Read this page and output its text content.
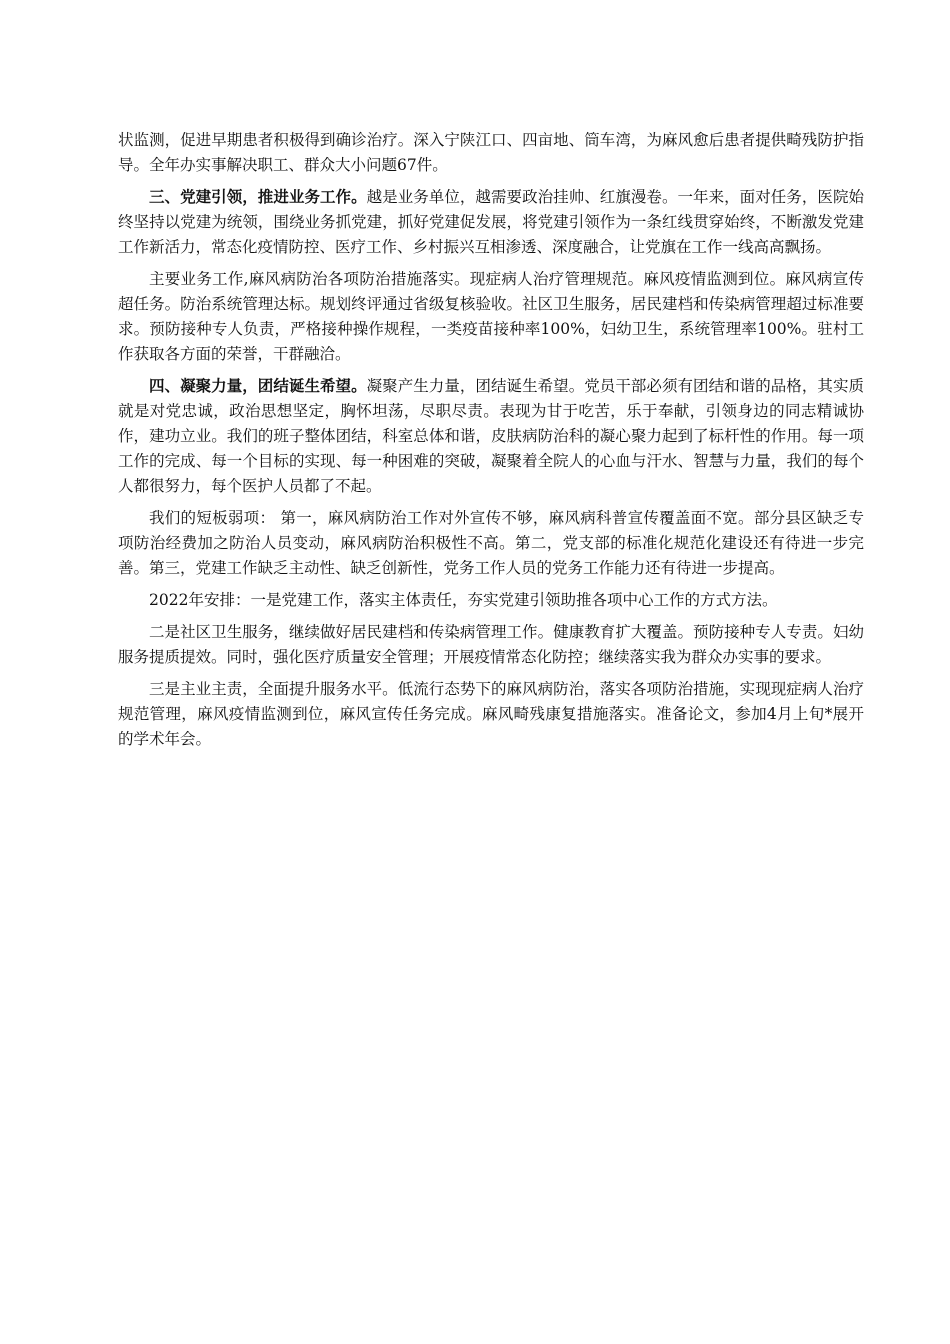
状监测，促进早期患者积极得到确诊治疗。深入宁陕江口、四亩地、筒车湾，为麻风愈后患者提供畸残防护指导。全年办实事解决职工、群众大小问题67件。

三、党建引领，推进业务工作。越是业务单位，越需要政治挂帅、红旗漫卷。一年来，面对任务，医院始终坚持以党建为统领，围绕业务抓党建，抓好党建促发展，将党建引领作为一条红线贯穿始终，不断激发党建工作新活力，常态化疫情防控、医疗工作、乡村振兴互相渗透、深度融合，让党旗在工作一线高高飘扬。

主要业务工作,麻风病防治各项防治措施落实。现症病人治疗管理规范。麻风疫情监测到位。麻风病宣传超任务。防治系统管理达标。规划终评通过省级复核验收。社区卫生服务，居民建档和传染病管理超过标准要求。预防接种专人负责，严格接种操作规程，一类疫苗接种率100%，妇幼卫生，系统管理率100%。驻村工作获取各方面的荣誉，干群融洽。

四、凝聚力量，团结诞生希望。凝聚产生力量，团结诞生希望。党员干部必须有团结和谐的品格，其实质就是对党忠诚，政治思想坚定，胸怀坦荡，尽职尽责。表现为甘于吃苦，乐于奉献，引领身边的同志精诚协作，建功立业。我们的班子整体团结，科室总体和谐，皮肤病防治科的凝心聚力起到了标杆性的作用。每一项工作的完成、每一个目标的实现、每一种困难的突破，凝聚着全院人的心血与汗水、智慧与力量，我们的每个人都很努力，每个医护人员都了不起。

我们的短板弱项： 第一，麻风病防治工作对外宣传不够，麻风病科普宣传覆盖面不宽。部分县区缺乏专项防治经费加之防治人员变动，麻风病防治积极性不高。第二，党支部的标准化规范化建设还有待进一步完善。第三，党建工作缺乏主动性、缺乏创新性，党务工作人员的党务工作能力还有待进一步提高。

2022年安排：一是党建工作，落实主体责任，夯实党建引领助推各项中心工作的方式方法。

二是社区卫生服务，继续做好居民建档和传染病管理工作。健康教育扩大覆盖。预防接种专人专责。妇幼服务提质提效。同时，强化医疗质量安全管理；开展疫情常态化防控；继续落实我为群众办实事的要求。

三是主业主责，全面提升服务水平。低流行态势下的麻风病防治，落实各项防治措施，实现现症病人治疗规范管理，麻风疫情监测到位，麻风宣传任务完成。麻风畸残康复措施落实。准备论文，参加4月上旬*展开的学术年会。
